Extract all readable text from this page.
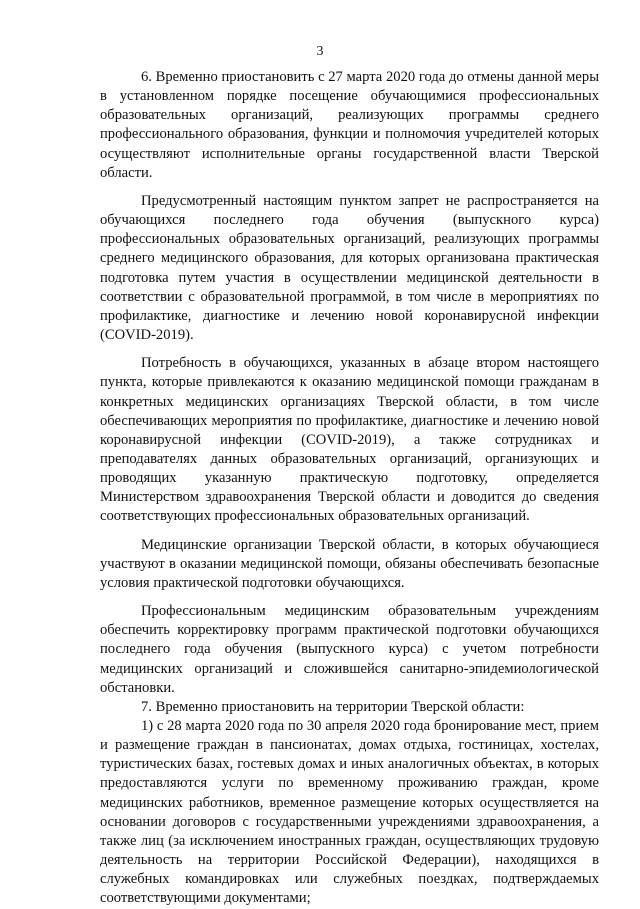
3

6. Временно приостановить с 27 марта 2020 года до отмены данной меры в установленном порядке посещение обучающимися профессиональных образовательных организаций, реализующих программы среднего профессионального образования, функции и полномочия учредителей которых осуществляют исполнительные органы государственной власти Тверской области.

Предусмотренный настоящим пунктом запрет не распространяется на обучающихся последнего года обучения (выпускного курса) профессиональных образовательных организаций, реализующих программы среднего медицинского образования, для которых организована практическая подготовка путем участия в осуществлении медицинской деятельности в соответствии с образовательной программой, в том числе в мероприятиях по профилактике, диагностике и лечению новой коронавирусной инфекции (COVID-2019).

Потребность в обучающихся, указанных в абзаце втором настоящего пункта, которые привлекаются к оказанию медицинской помощи гражданам в конкретных медицинских организациях Тверской области, в том числе обеспечивающих мероприятия по профилактике, диагностике и лечению новой коронавирусной инфекции (COVID-2019), а также сотрудниках и преподавателях данных образовательных организаций, организующих и проводящих указанную практическую подготовку, определяется Министерством здравоохранения Тверской области и доводится до сведения соответствующих профессиональных образовательных организаций.

Медицинские организации Тверской области, в которых обучающиеся участвуют в оказании медицинской помощи, обязаны обеспечивать безопасные условия практической подготовки обучающихся.

Профессиональным медицинским образовательным учреждениям обеспечить корректировку программ практической подготовки обучающихся последнего года обучения (выпускного курса) с учетом потребности медицинских организаций и сложившейся санитарно-эпидемиологической обстановки.

7. Временно приостановить на территории Тверской области:

1) с 28 марта 2020 года по 30 апреля 2020 года бронирование мест, прием и размещение граждан в пансионатах, домах отдыха, гостиницах, хостелах, туристических базах, гостевых домах и иных аналогичных объектах, в которых предоставляются услуги по временному проживанию граждан, кроме медицинских работников, временное размещение которых осуществляется на основании договоров с государственными учреждениями здравоохранения, а также лиц (за исключением иностранных граждан, осуществляющих трудовую деятельность на территории Российской Федерации), находящихся в служебных командировках или служебных поездках, подтверждаемых соответствующими документами;
